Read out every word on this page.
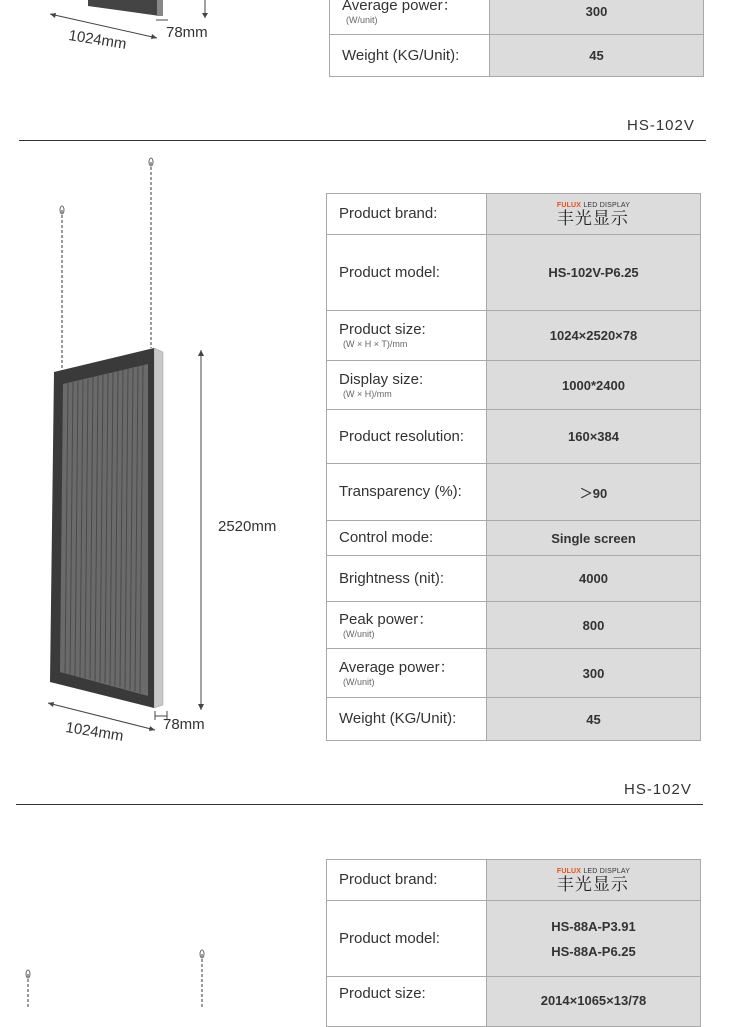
1024mm	78mm
Average power：
(W/unit)	300

Weight (KG/Unit):	45
HS-102V
2520mm
1024mm	78mm
Product brand:	FULUX LED DISPLAY
丰光显示

Product model:	HS-102V-P6.25

Product size:
(W × H × T)/mm	1024×2520×78

Display size:
(W × H)/mm	1000*2400

Product resolution:	160×384

Transparency (%):	＞90

Control mode:	Single screen

Brightness (nit):	4000

Peak power：
(W/unit)	800

Average power：
(W/unit)	300

Weight (KG/Unit):	45
HS-102V
Product brand:	FULUX LED DISPLAY
丰光显示

Product model:	HS-88A-P3.91
HS-88A-P6.25

Product size:	2014×1065×13/78
